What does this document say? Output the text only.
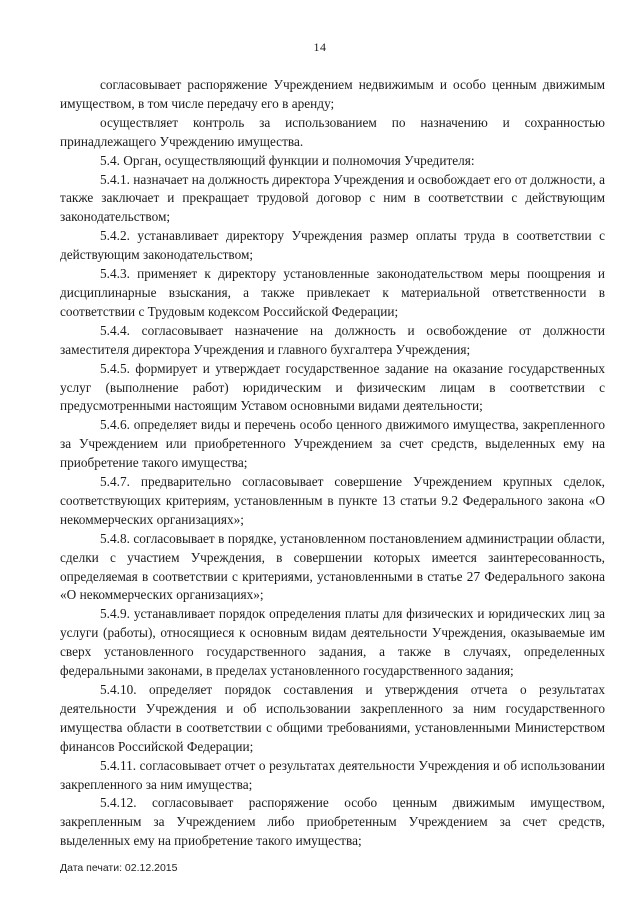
14

согласовывает распоряжение Учреждением недвижимым и особо ценным движимым имуществом, в том числе передачу его в аренду;

осуществляет контроль за использованием по назначению и сохранностью принадлежащего Учреждению имущества.

5.4. Орган, осуществляющий функции и полномочия Учредителя:

5.4.1. назначает на должность директора Учреждения и освобождает его от должности, а также заключает и прекращает трудовой договор с ним в соответствии с действующим законодательством;

5.4.2. устанавливает директору Учреждения размер оплаты труда в соответствии с действующим законодательством;

5.4.3. применяет к директору установленные законодательством меры поощрения и дисциплинарные взыскания, а также привлекает к материальной ответственности в соответствии с Трудовым кодексом Российской Федерации;

5.4.4. согласовывает назначение на должность и освобождение от должности заместителя директора Учреждения и главного бухгалтера Учреждения;

5.4.5. формирует и утверждает государственное задание на оказание государственных услуг (выполнение работ) юридическим и физическим лицам в соответствии с предусмотренными настоящим Уставом основными видами деятельности;

5.4.6. определяет виды и перечень особо ценного движимого имущества, закрепленного за Учреждением или приобретенного Учреждением за счет средств, выделенных ему на приобретение такого имущества;

5.4.7. предварительно согласовывает совершение Учреждением крупных сделок, соответствующих критериям, установленным в пункте 13 статьи 9.2 Федерального закона «О некоммерческих организациях»;

5.4.8. согласовывает в порядке, установленном постановлением администрации области, сделки с участием Учреждения, в совершении которых имеется заинтересованность, определяемая в соответствии с критериями, установленными в статье 27 Федерального закона «О некоммерческих организациях»;

5.4.9. устанавливает порядок определения платы для физических и юридических лиц за услуги (работы), относящиеся к основным видам деятельности Учреждения, оказываемые им сверх установленного государственного задания, а также в случаях, определенных федеральными законами, в пределах установленного государственного задания;

5.4.10. определяет порядок составления и утверждения отчета о результатах деятельности Учреждения и об использовании закрепленного за ним государственного имущества области в соответствии с общими требованиями, установленными Министерством финансов Российской Федерации;

5.4.11. согласовывает отчет о результатах деятельности Учреждения и об использовании закрепленного за ним имущества;

5.4.12. согласовывает распоряжение особо ценным движимым имуществом, закрепленным за Учреждением либо приобретенным Учреждением за счет средств, выделенных ему на приобретение такого имущества;

Дата печати: 02.12.2015
